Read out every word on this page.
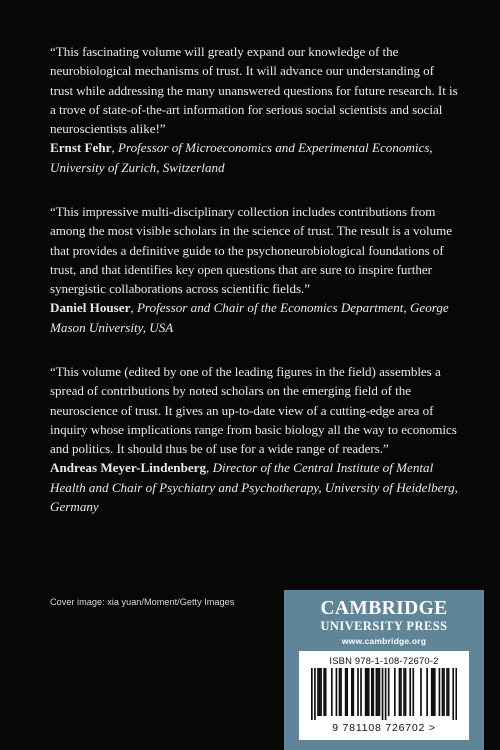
“This fascinating volume will greatly expand our knowledge of the neurobiological mechanisms of trust. It will advance our understanding of trust while addressing the many unanswered questions for future research. It is a trove of state-of-the-art information for serious social scientists and social neuroscientists alike!”

Ernst Fehr, Professor of Microeconomics and Experimental Economics, University of Zurich, Switzerland

“This impressive multi-disciplinary collection includes contributions from among the most visible scholars in the science of trust. The result is a volume that provides a definitive guide to the psychoneurobiological foundations of trust, and that identifies key open questions that are sure to inspire further synergistic collaborations across scientific fields.”

Daniel Houser, Professor and Chair of the Economics Department, George Mason University, USA

“This volume (edited by one of the leading figures in the field) assembles a spread of contributions by noted scholars on the emerging field of the neuroscience of trust. It gives an up-to-date view of a cutting-edge area of inquiry whose implications range from basic biology all the way to economics and politics. It should thus be of use for a wide range of readers.”

Andreas Meyer-Lindenberg, Director of the Central Institute of Mental Health and Chair of Psychiatry and Psychotherapy, University of Heidelberg, Germany

Cover image: xia yuan/Moment/Getty Images	CAMBRIDGE
UNIVERSITY PRESS
www.cambridge.org
ISBN 978-1-108-72670-2
9 781108 726702 >
